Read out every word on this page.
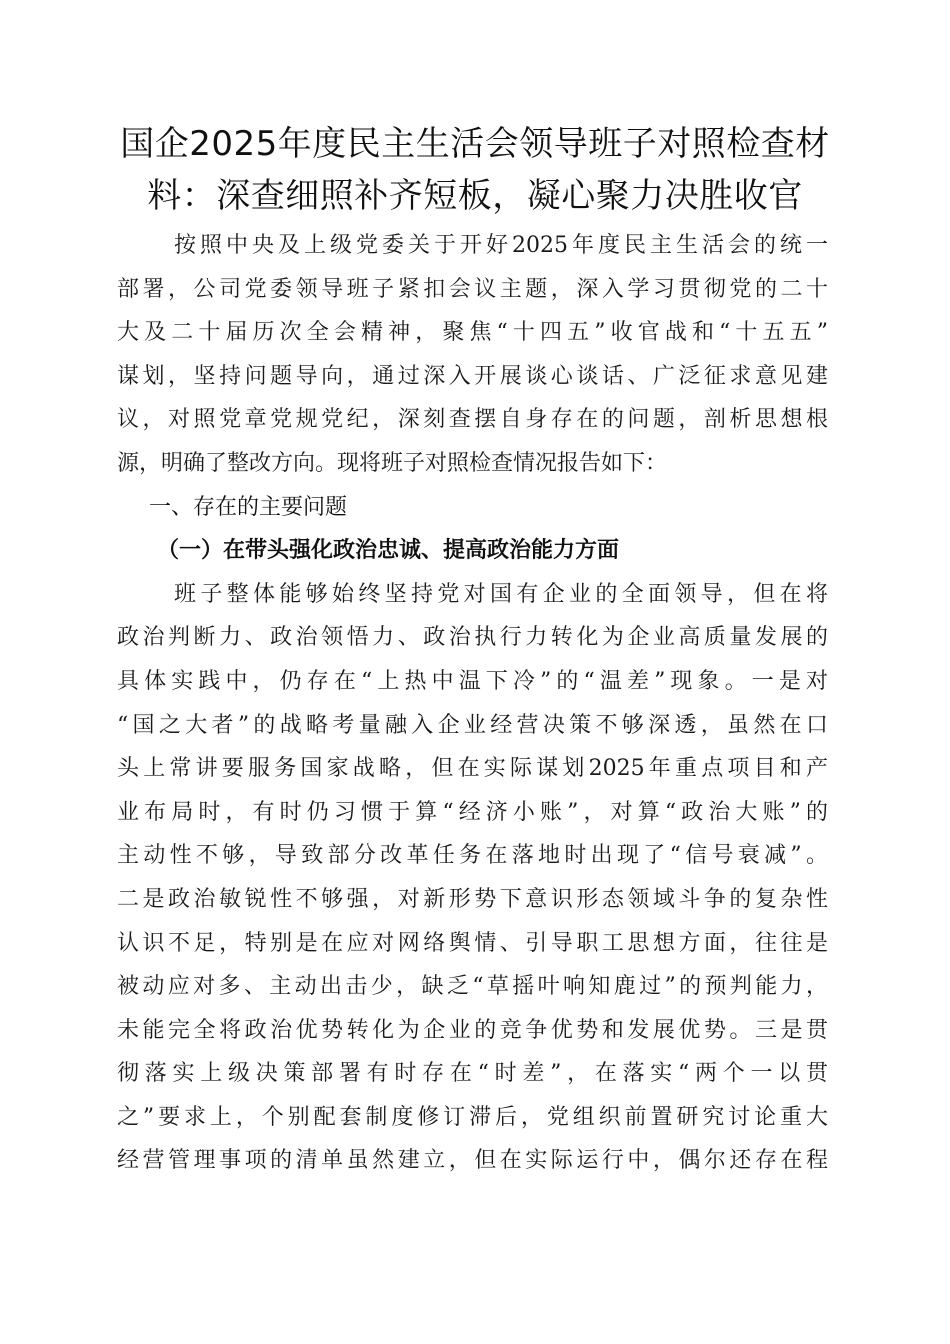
国企2025年度民主生活会领导班子对照检查材
料：深查细照补齐短板，凝心聚力决胜收官
按照中央及上级党委关于开好2025年度民主生活会的统一
部署，公司党委领导班子紧扣会议主题，深入学习贯彻党的二十
大及二十届历次全会精神，聚焦“十四五”收官战和“十五五”
谋划，坚持问题导向，通过深入开展谈心谈话、广泛征求意见建
议，对照党章党规党纪，深刻查摆自身存在的问题，剖析思想根
源，明确了整改方向。现将班子对照检查情况报告如下：
一、存在的主要问题
（一）在带头强化政治忠诚、提高政治能力方面
班子整体能够始终坚持党对国有企业的全面领导，但在将
政治判断力、政治领悟力、政治执行力转化为企业高质量发展的
具体实践中，仍存在“上热中温下冷”的“温差”现象。一是对
“国之大者”的战略考量融入企业经营决策不够深透，虽然在口
头上常讲要服务国家战略，但在实际谋划2025年重点项目和产
业布局时，有时仍习惯于算“经济小账”，对算“政治大账”的
主动性不够，导致部分改革任务在落地时出现了“信号衰减”。
二是政治敏锐性不够强，对新形势下意识形态领域斗争的复杂性
认识不足，特别是在应对网络舆情、引导职工思想方面，往往是
被动应对多、主动出击少，缺乏“草摇叶响知鹿过”的预判能力，
未能完全将政治优势转化为企业的竞争优势和发展优势。三是贯
彻落实上级决策部署有时存在“时差”，在落实“两个一以贯
之”要求上，个别配套制度修订滞后，党组织前置研究讨论重大
经营管理事项的清单虽然建立，但在实际运行中，偶尔还存在程
